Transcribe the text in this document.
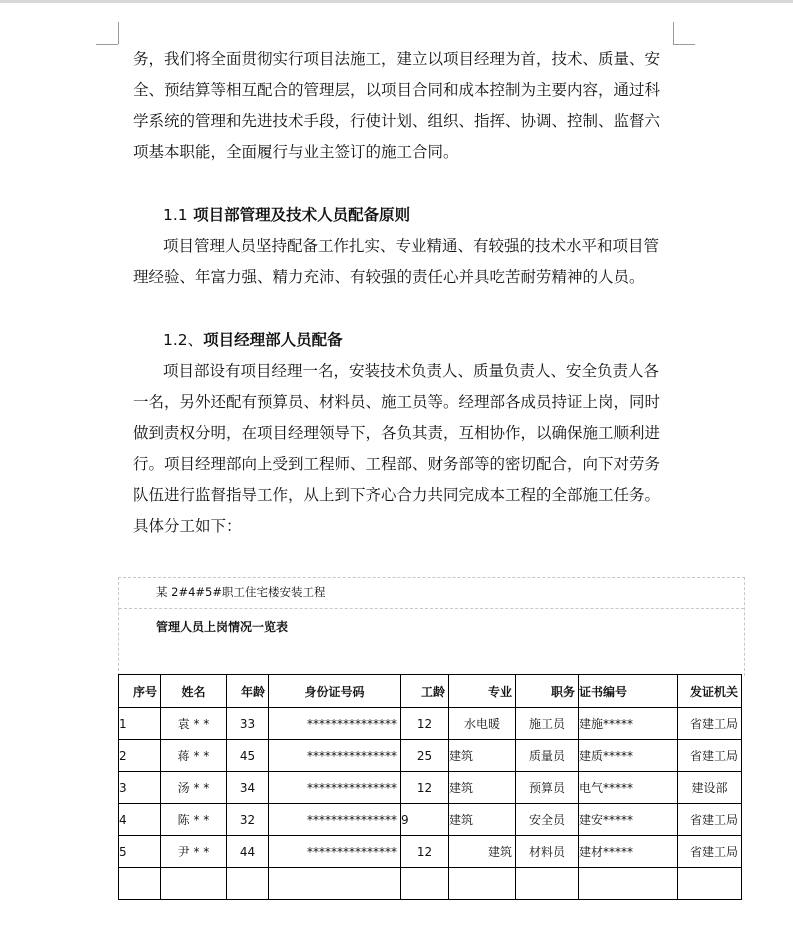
务，我们将全面贯彻实行项目法施工，建立以项目经理为首，技术、质量、安
全、预结算等相互配合的管理层，以项目合同和成本控制为主要内容，通过科
学系统的管理和先进技术手段，行使计划、组织、指挥、协调、控制、监督六
项基本职能，全面履行与业主签订的施工合同。

1.1 项目部管理及技术人员配备原则

项目管理人员坚持配备工作扎实、专业精通、有较强的技术水平和项目管
理经验、年富力强、精力充沛、有较强的责任心并具吃苦耐劳精神的人员。

1.2、项目经理部人员配备

项目部设有项目经理一名，安装技术负责人、质量负责人、安全负责人各
一名，另外还配有预算员、材料员、施工员等。经理部各成员持证上岗，同时
做到责权分明，在项目经理领导下，各负其责，互相协作，以确保施工顺利进
行。项目经理部向上受到工程师、工程部、财务部等的密切配合，向下对劳务
队伍进行监督指导工作，从上到下齐心合力共同完成本工程的全部施工任务。
具体分工如下：

某 2#4#5#职工住宅楼安装工程
管理人员上岗情况一览表
序号	姓名	年龄	身份证号码	工龄	专业	职务	证书编号	发证机关
1	袁 * *	33	***************	12	水电暖	施工员	建施*****	省建工局
2	蒋 * *	45	***************	25	建筑	质量员	建质*****	省建工局
3	汤 * *	34	***************	12	建筑	预算员	电气*****	建设部
4	陈 * *	32	***************	9	建筑	安全员	建安*****	省建工局
5	尹 * *	44	***************	12	建筑	材料员	建材*****	省建工局
